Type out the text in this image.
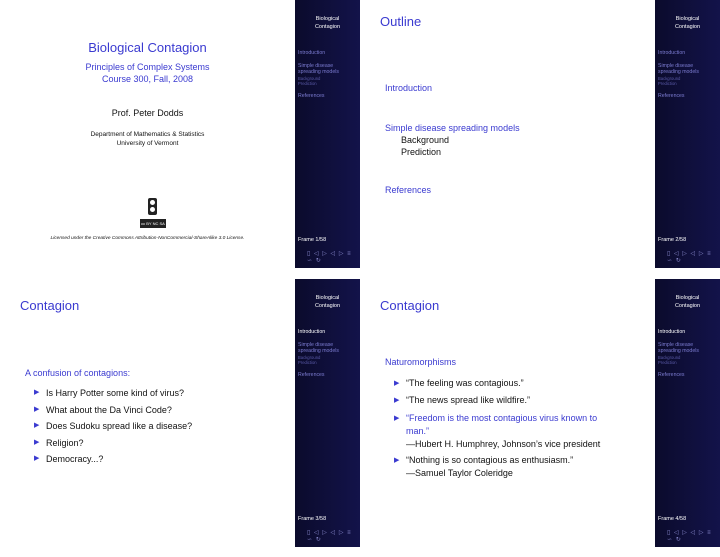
Biological Contagion
Principles of Complex Systems
Course 300, Fall, 2008
Prof. Peter Dodds
Department of Mathematics & Statistics
University of Vermont
cc BY NC SA
Licensed under the Creative Commons Attribution-NonCommercial-ShareAlike 3.0 License.
Biological
Contagion
Introduction
Simple disease
spreading models
Background
Prediction
References
Frame 1/58
▯ ◁ ▷ ◁ ▷ ≡ ∽ ↻
Outline
Introduction
Simple disease spreading models
Background
Prediction
References
Biological
Contagion
Introduction
Simple disease
spreading models
Background
Prediction
References
Frame 2/58
▯ ◁ ▷ ◁ ▷ ≡ ∽ ↻
Contagion
A confusion of contagions:
▶ Is Harry Potter some kind of virus?
▶ What about the Da Vinci Code?
▶ Does Sudoku spread like a disease?
▶ Religion?
▶ Democracy...?
Biological
Contagion
Introduction
Simple disease
spreading models
Background
Prediction
References
Frame 3/58
▯ ◁ ▷ ◁ ▷ ≡ ∽ ↻
Contagion
Naturomorphisms
▶ “The feeling was contagious.”
▶ “The news spread like wildfire.”
▶ “Freedom is the most contagious virus known to
man.”
—Hubert H. Humphrey, Johnson’s vice president
▶ “Nothing is so contagious as enthusiasm.”
—Samuel Taylor Coleridge
Biological
Contagion
Introduction
Simple disease
spreading models
Background
Prediction
References
Frame 4/58
▯ ◁ ▷ ◁ ▷ ≡ ∽ ↻
